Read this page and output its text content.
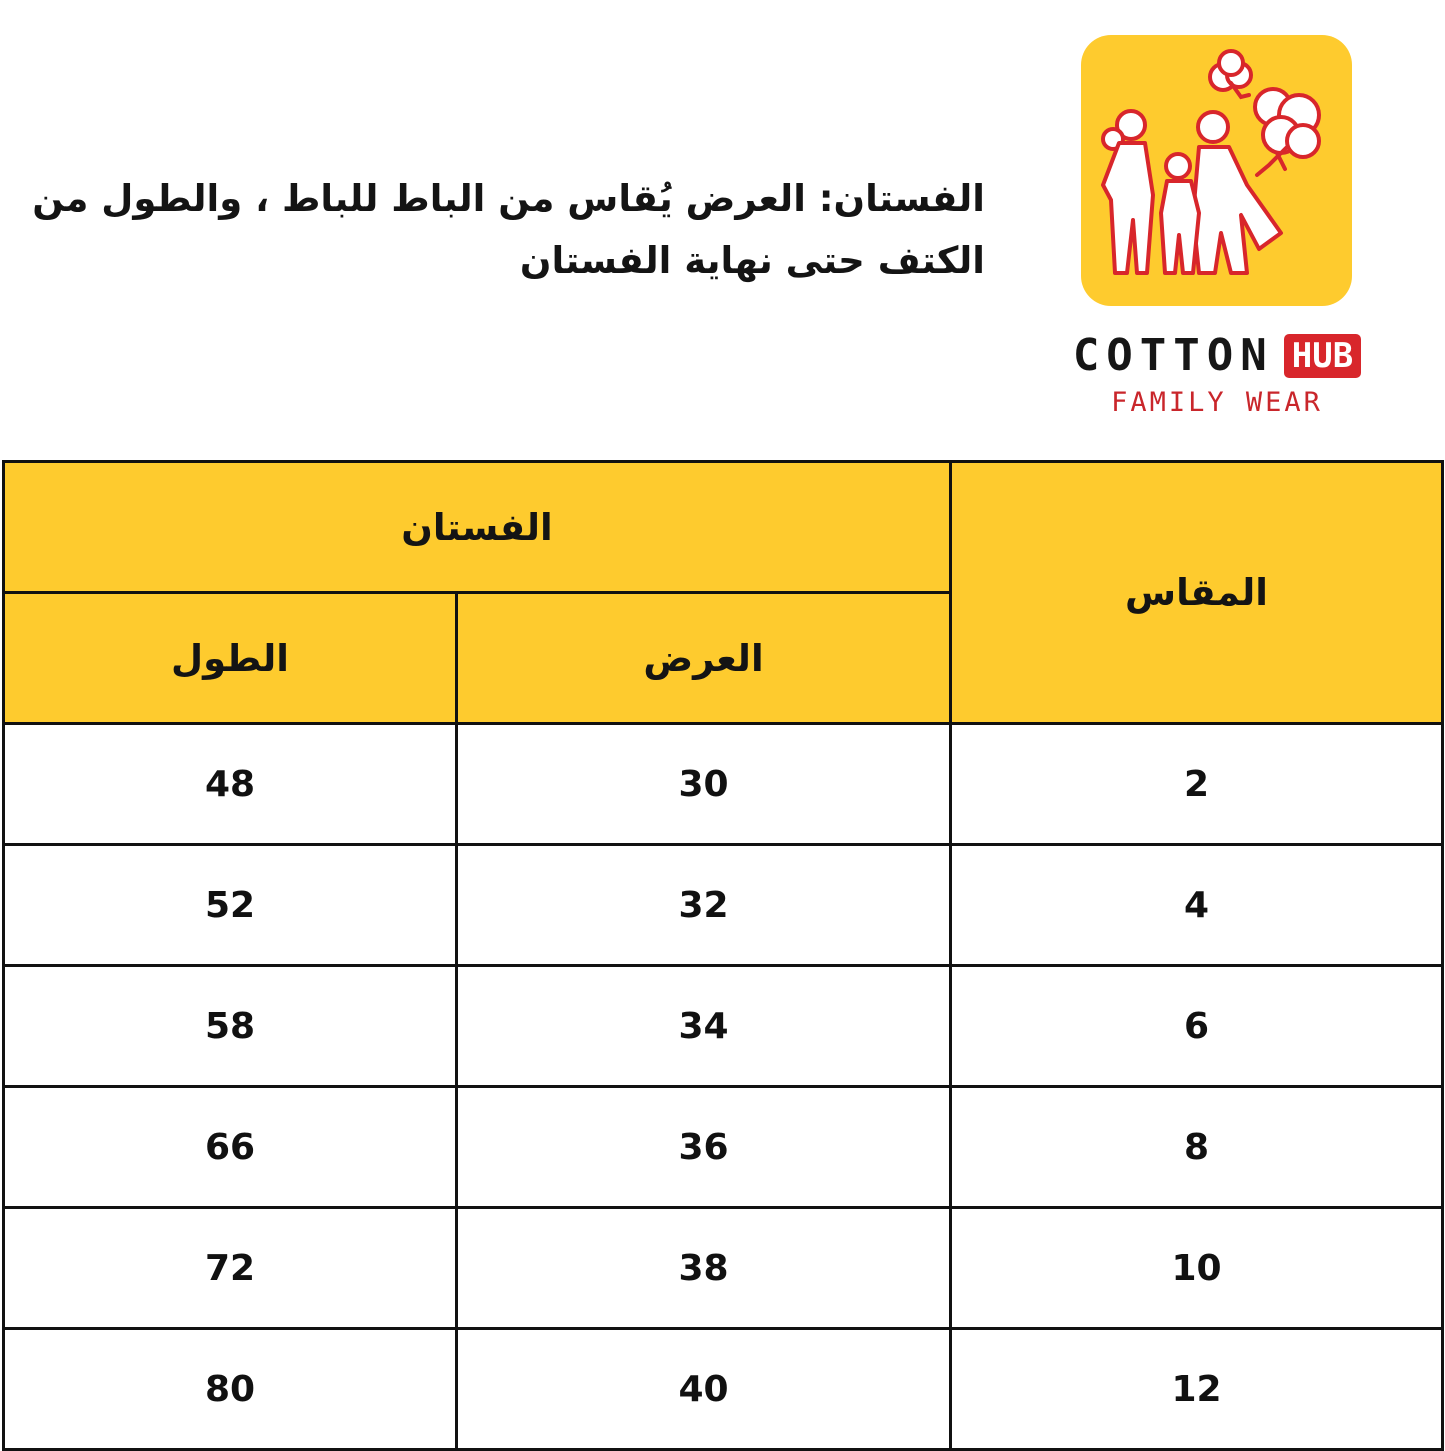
الفستان: العرض يُقاس من الباط للباط ، والطول من
الكتف حتى نهاية الفستان
COTTON HUB
FAMILY WEAR
المقاس	الفستان	
	العرض	الطول
2	30	48
4	32	52
6	34	58
8	36	66
10	38	72
12	40	80
